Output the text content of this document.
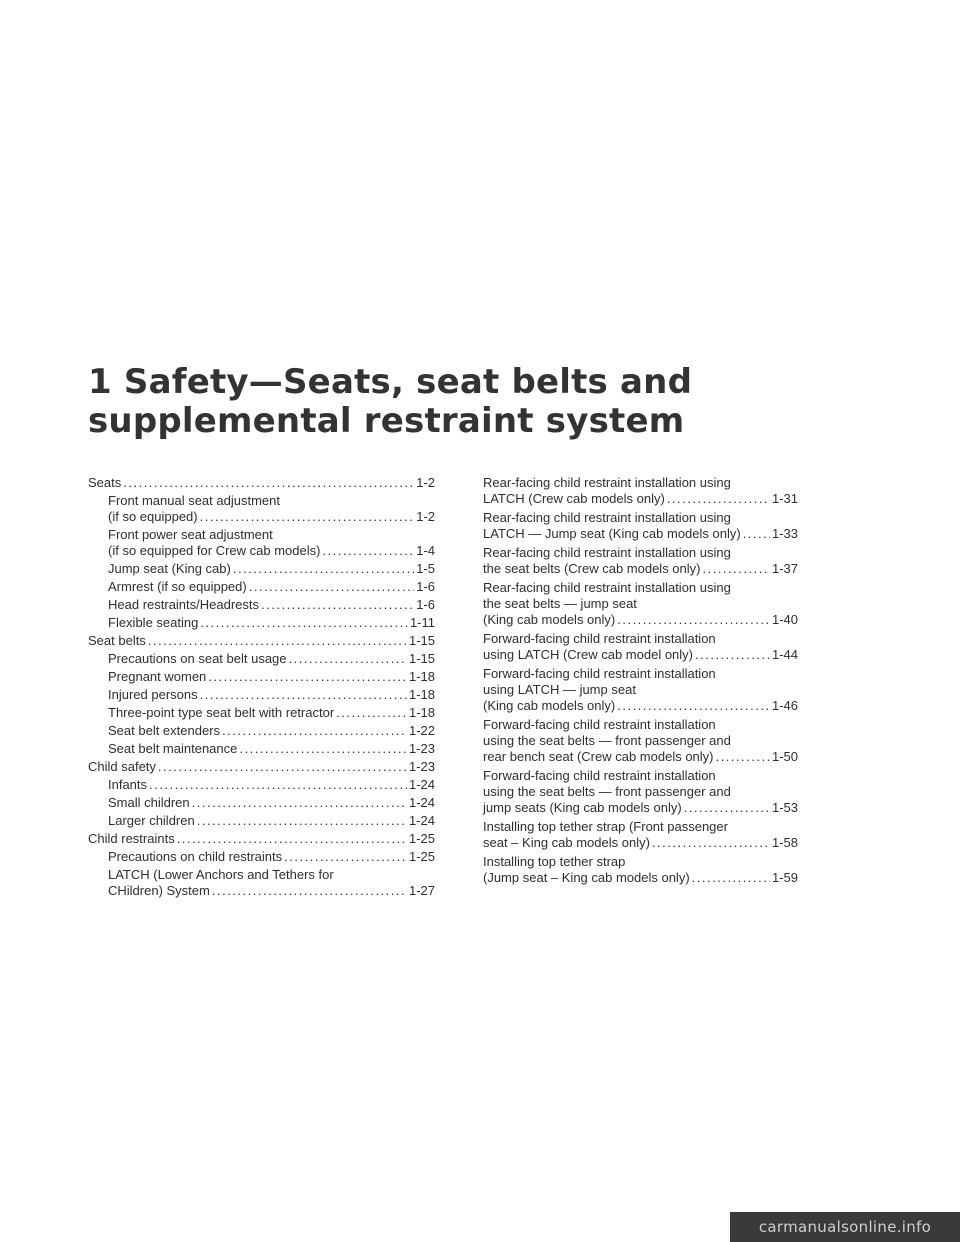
1 Safety—Seats, seat belts and
supplemental restraint system
Seats .....	1-2
Front manual seat adjustment
(if so equipped) .....	1-2
Front power seat adjustment
(if so equipped for Crew cab models) .....	1-4
Jump seat (King cab) .....	1-5
Armrest (if so equipped) .....	1-6
Head restraints/Headrests .....	1-6
Flexible seating .....	1-11
Seat belts .....	1-15
Precautions on seat belt usage .....	1-15
Pregnant women .....	1-18
Injured persons .....	1-18
Three-point type seat belt with retractor .....	1-18
Seat belt extenders .....	1-22
Seat belt maintenance .....	1-23
Child safety .....	1-23
Infants .....	1-24
Small children .....	1-24
Larger children .....	1-24
Child restraints .....	1-25
Precautions on child restraints .....	1-25
LATCH (Lower Anchors and Tethers for
CHildren) System .....	1-27
Rear-facing child restraint installation using
LATCH (Crew cab models only) .....	1-31
Rear-facing child restraint installation using
LATCH — Jump seat (King cab models only) ..... 1-33
Rear-facing child restraint installation using
the seat belts (Crew cab models only) .....	1-37
Rear-facing child restraint installation using
the seat belts — jump seat
(King cab models only) .....	1-40
Forward-facing child restraint installation
using LATCH (Crew cab model only) .....	1-44
Forward-facing child restraint installation
using LATCH — jump seat
(King cab models only) .....	1-46
Forward-facing child restraint installation
using the seat belts — front passenger and
rear bench seat (Crew cab models only) .....	1-50
Forward-facing child restraint installation
using the seat belts — front passenger and
jump seats (King cab models only) .....	1-53
Installing top tether strap (Front passenger
seat – King cab models only) .....	1-58
Installing top tether strap
(Jump seat – King cab models only) .....	1-59
carmanualsonline.info
